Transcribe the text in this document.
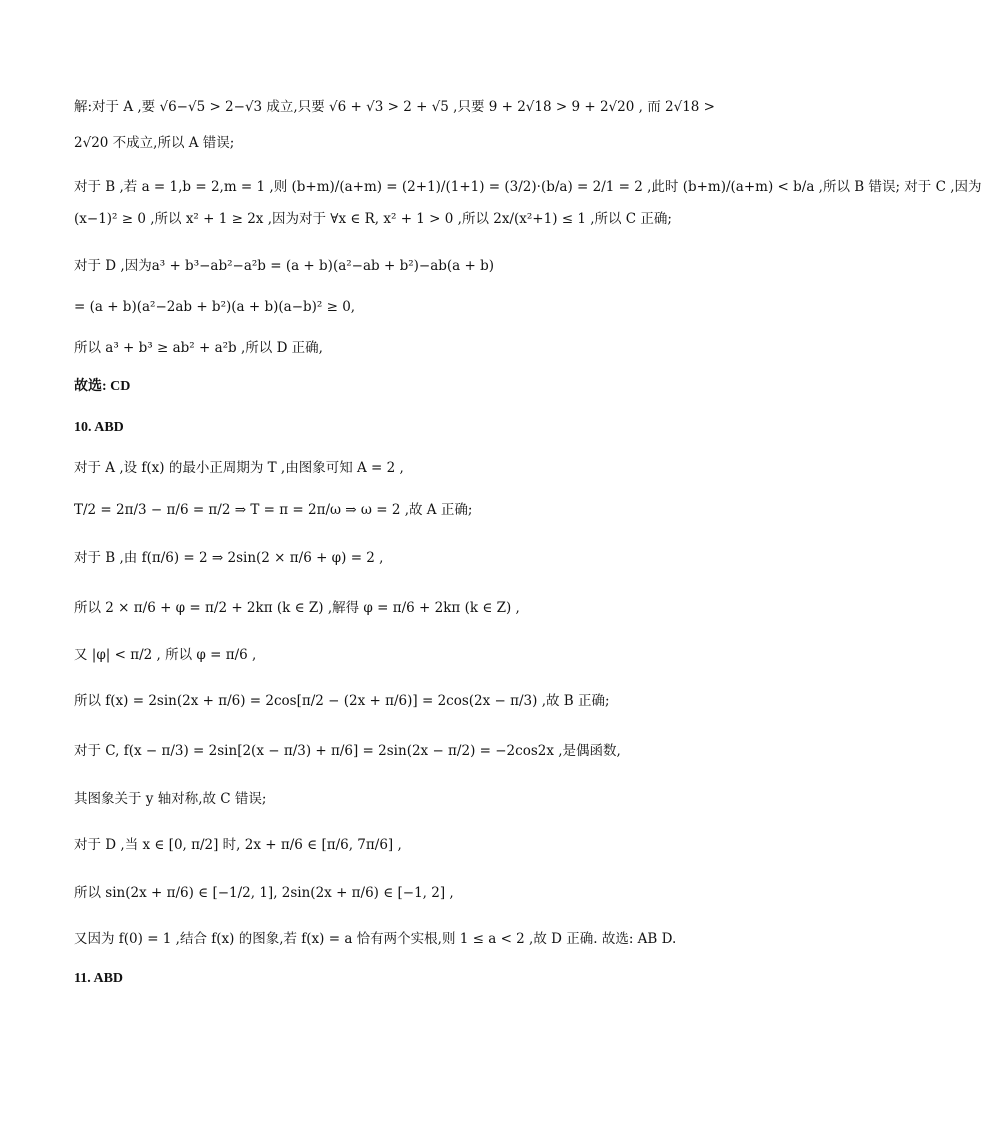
解:对于 A ,要 √6−√5 > 2−√3 成立,只要 √6 + √3 > 2 + √5 ,只要 9 + 2√18 > 9 + 2√20 , 而 2√18 >
2√20 不成立,所以 A 错误;
对于 B ,若 a = 1,b = 2,m = 1 ,则 (b+m)/(a+m) = (2+1)/(1+1) = (3/2)·(b/a) = 2/1 = 2 ,此时 (b+m)/(a+m) < b/a ,所以 B 错误; 对于 C ,因为
(x−1)² ≥ 0 ,所以 x² + 1 ≥ 2x ,因为对于 ∀x ∈ R, x² + 1 > 0 ,所以 2x/(x²+1) ≤ 1 ,所以 C 正确;
对于 D ,因为a³ + b³−ab²−a²b = (a + b)(a²−ab + b²)−ab(a + b)
= (a + b)(a²−2ab + b²)(a + b)(a−b)² ≥ 0,
所以 a³ + b³ ≥ ab² + a²b ,所以 D 正确,
故选: CD
10. ABD
对于 A ,设 f(x) 的最小正周期为 T ,由图象可知 A = 2 ,
T/2 = 2π/3 − π/6 = π/2 ⇒ T = π = 2π/ω ⇒ ω = 2 ,故 A 正确;
对于 B ,由 f(π/6) = 2 ⇒ 2sin(2 × π/6 + φ) = 2 ,
所以 2 × π/6 + φ = π/2 + 2kπ (k ∈ Z) ,解得 φ = π/6 + 2kπ (k ∈ Z) ,
又 |φ| < π/2 , 所以 φ = π/6 ,
所以 f(x) = 2sin(2x + π/6) = 2cos[π/2 − (2x + π/6)] = 2cos(2x − π/3) ,故 B 正确;
对于 C, f(x − π/3) = 2sin[2(x − π/3) + π/6] = 2sin(2x − π/2) = −2cos2x ,是偶函数,
其图象关于 y 轴对称,故 C 错误;
对于 D ,当 x ∈ [0, π/2] 时, 2x + π/6 ∈ [π/6, 7π/6] ,
所以 sin(2x + π/6) ∈ [−1/2, 1], 2sin(2x + π/6) ∈ [−1, 2] ,
又因为 f(0) = 1 ,结合 f(x) 的图象,若 f(x) = a 恰有两个实根,则 1 ≤ a < 2 ,故 D 正确. 故选: AB D.
11. ABD
